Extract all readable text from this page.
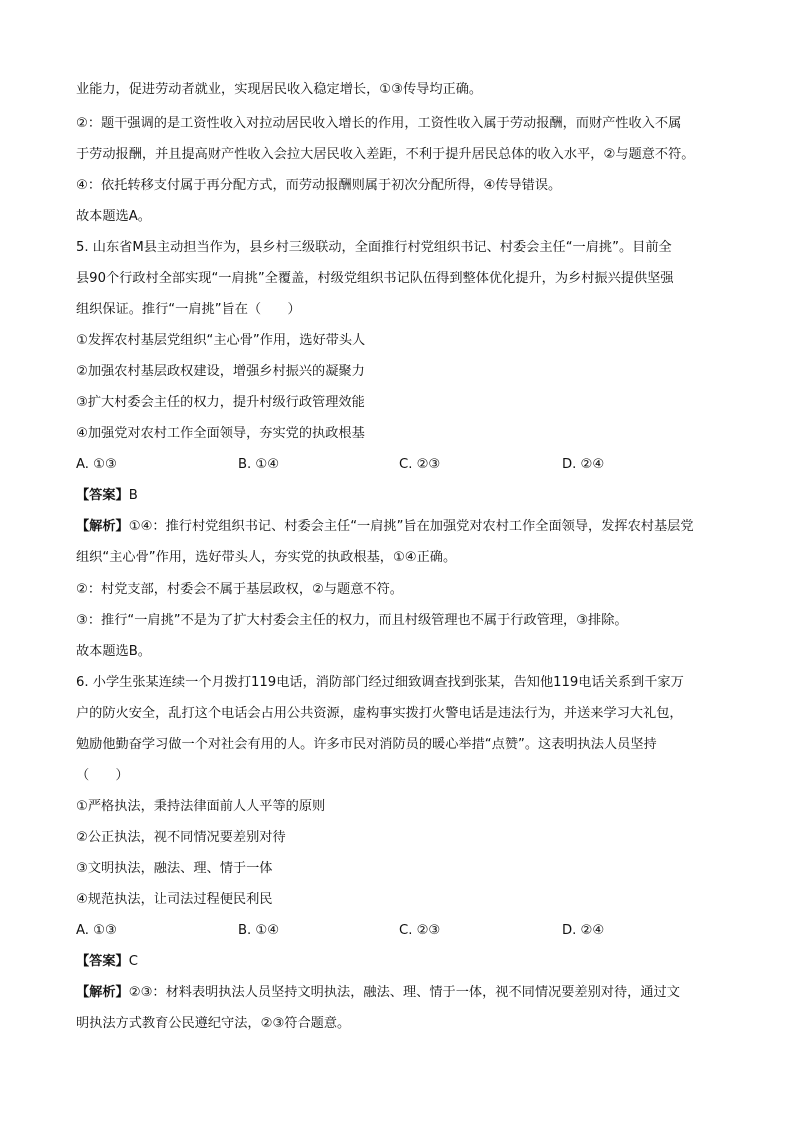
业能力，促进劳动者就业，实现居民收入稳定增长，①③传导均正确。
②：题干强调的是工资性收入对拉动居民收入增长的作用，工资性收入属于劳动报酬，而财产性收入不属
于劳动报酬，并且提高财产性收入会拉大居民收入差距，不利于提升居民总体的收入水平，②与题意不符。
④：依托转移支付属于再分配方式，而劳动报酬则属于初次分配所得，④传导错误。
故本题选A。
5. 山东省M县主动担当作为，县乡村三级联动，全面推行村党组织书记、村委会主任“一肩挑”。目前全
县90个行政村全部实现“一肩挑”全覆盖，村级党组织书记队伍得到整体优化提升，为乡村振兴提供坚强
组织保证。推行“一肩挑”旨在（　　）
①发挥农村基层党组织“主心骨”作用，选好带头人
②加强农村基层政权建设，增强乡村振兴的凝聚力
③扩大村委会主任的权力，提升村级行政管理效能
④加强党对农村工作全面领导，夯实党的执政根基
A. ①③	B. ①④	C. ②③	D. ②④
【答案】B
【解析】①④：推行村党组织书记、村委会主任“一肩挑”旨在加强党对农村工作全面领导，发挥农村基层党
组织“主心骨”作用，选好带头人，夯实党的执政根基，①④正确。
②：村党支部，村委会不属于基层政权，②与题意不符。
③：推行“一肩挑”不是为了扩大村委会主任的权力，而且村级管理也不属于行政管理，③排除。
故本题选B。
6. 小学生张某连续一个月拨打119电话，消防部门经过细致调查找到张某，告知他119电话关系到千家万
户的防火安全，乱打这个电话会占用公共资源，虚构事实拨打火警电话是违法行为，并送来学习大礼包，
勉励他勤奋学习做一个对社会有用的人。许多市民对消防员的暖心举措“点赞”。这表明执法人员坚持
（　　）
①严格执法，秉持法律面前人人平等的原则
②公正执法，视不同情况要差别对待
③文明执法，融法、理、情于一体
④规范执法，让司法过程便民利民
A. ①③	B. ①④	C. ②③	D. ②④
【答案】C
【解析】②③：材料表明执法人员坚持文明执法，融法、理、情于一体，视不同情况要差别对待，通过文
明执法方式教育公民遵纪守法，②③符合题意。
